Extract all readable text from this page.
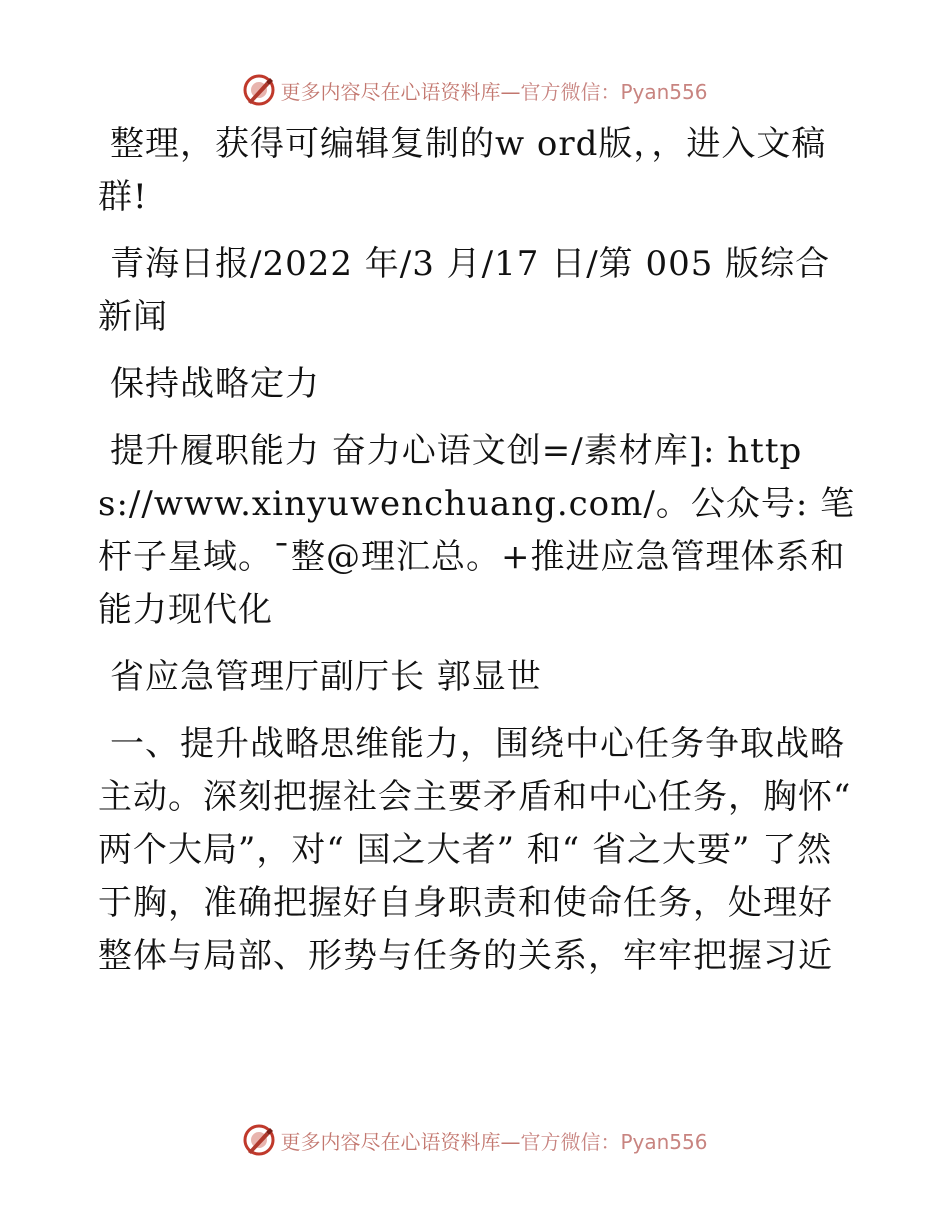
更多内容尽在心语资料库—官方微信：Pyan556

整理，获得可编辑复制的w ord版，，进入文稿群!

青海日报/2022 年/3 月/17 日/第 005 版综合新闻

保持战略定力

提升履职能力 奋力心语文创=/素材库]: https://www.xinyuwenchuang.com/。公众号: 笔杆子星域。¯整@理汇总。+推进应急管理体系和能力现代化

省应急管理厅副厅长 郭显世

一、提升战略思维能力，围绕中心任务争取战略主动。深刻把握社会主要矛盾和中心任务，胸怀“ 两个大局”，对“ 国之大者” 和“ 省之大要” 了然于胸，准确把握好自身职责和使命任务，处理好整体与局部、形势与任务的关系，牢牢把握习近

更多内容尽在心语资料库—官方微信：Pyan556
